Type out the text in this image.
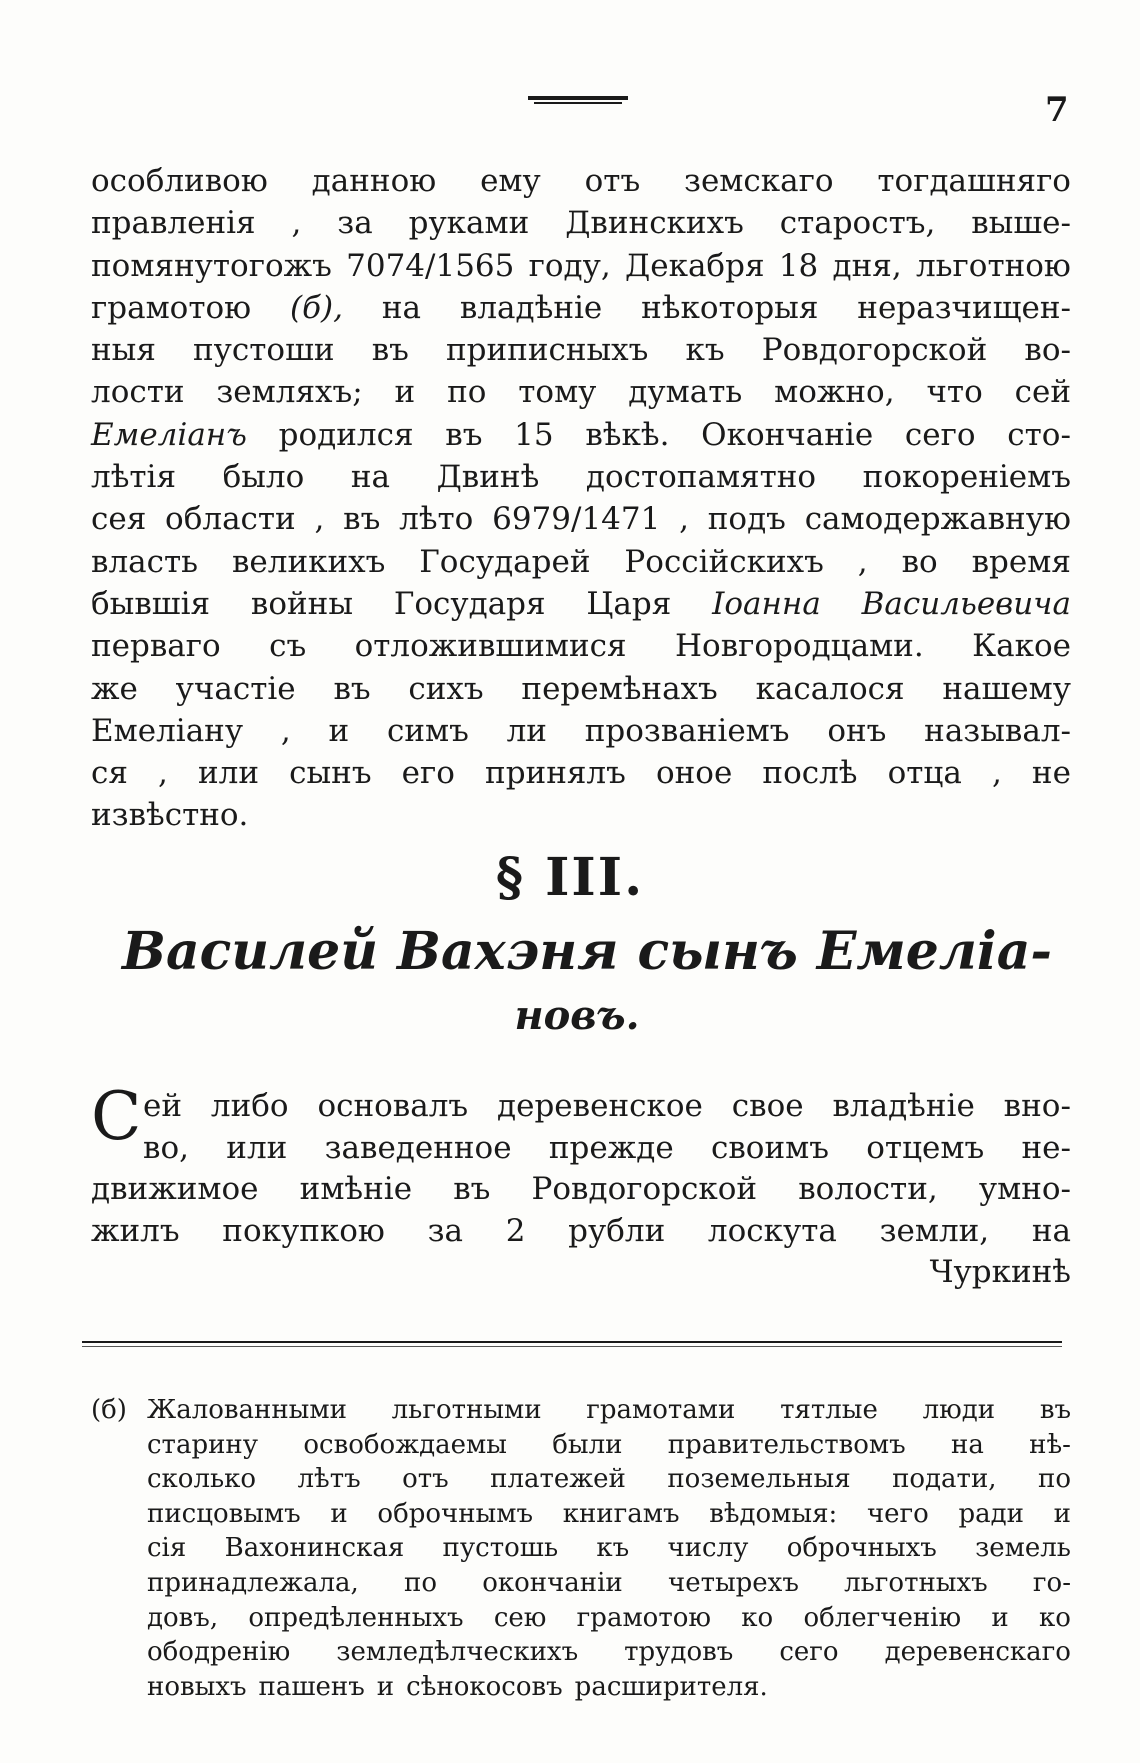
7
особливою данною ему отъ земскаго тогдашняго
правленія , за руками Двинскихъ старостъ, выше-
помянутогожъ 7074/1565 году, Декабря 18 дня, льготною
грамотою (б), на владѣніе нѣкоторыя неразчищен-
ныя пустоши въ приписныхъ къ Ровдогорской во-
лости земляхъ; и по тому думать можно, что сей
Емеліанъ родился въ 15 вѣкѣ. Окончаніе сего сто-
лѣтія было на Двинѣ достопамятно покореніемъ
сея области , въ лѣто 6979/1471 , подъ самодержавную
власть великихъ Государей Россійскихъ , во время
бывшія войны Государя Царя Іоанна Васильевича
перваго съ отложившимися Новгородцами. Какое
же участіе въ сихъ перемѣнахъ касалося нашему
Емеліану , и симъ ли прозваніемъ онъ называл-
ся , или сынъ его принялъ оное послѣ отца , не
извѣстно.
§ III.
Василей Вахэня сынъ Емеліа-
новъ.
С ей либо основалъ деревенское свое владѣніе вно-
во, или заведенное прежде своимъ отцемъ не-
движимое имѣніе въ Ровдогорской волости, умно-
жилъ покупкою за 2 рубли лоскута земли, на
Чуркинѣ
(б) Жалованными льготными грамотами тятлые люди въ
старину освобождаемы были правительствомъ на нѣ-
сколько лѣтъ отъ платежей поземельныя подати, по
писцовымъ и оброчнымъ книгамъ вѣдомыя: чего ради и
сія Вахонинская пустошь къ числу оброчныхъ земель
принадлежала, по окончаніи четырехъ льготныхъ го-
довъ, опредѣленныхъ сею грамотою ко облегченію и ко
ободренію земледѣлческихъ трудовъ сего деревенскаго
новыхъ пашенъ и сѣнокосовъ расширителя.
